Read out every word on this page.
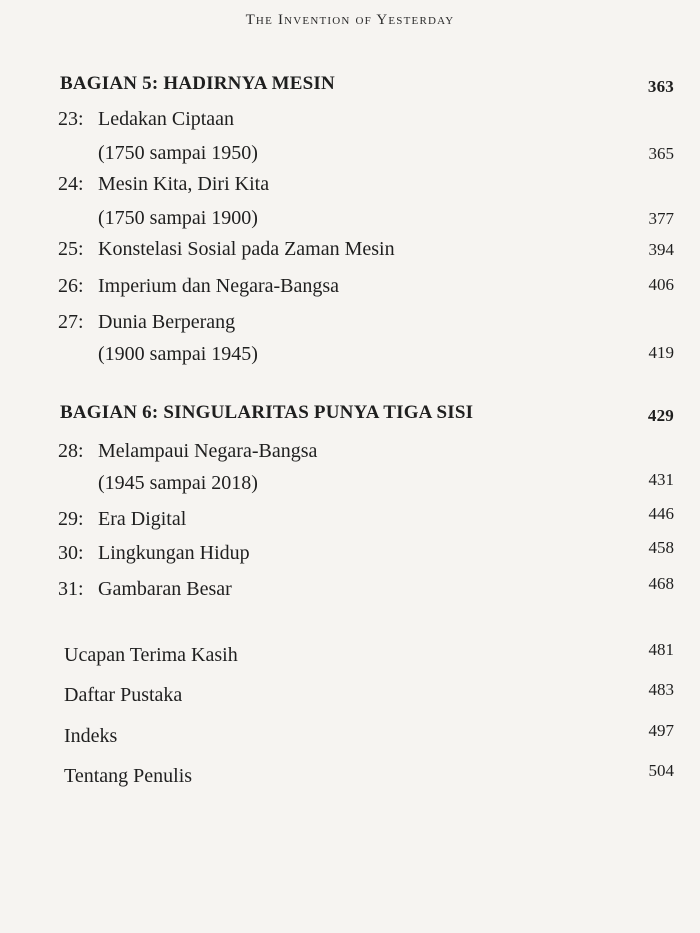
The Invention of Yesterday
BAGIAN 5: HADIRNYA MESIN	363
23: Ledakan Ciptaan
(1750 sampai 1950)	365
24: Mesin Kita, Diri Kita
(1750 sampai 1900)	377
25: Konstelasi Sosial pada Zaman Mesin	394
26: Imperium dan Negara-Bangsa	406
27: Dunia Berperang
(1900 sampai 1945)	419
BAGIAN 6: SINGULARITAS PUNYA TIGA SISI	429
28: Melampaui Negara-Bangsa
(1945 sampai 2018)	431
29: Era Digital	446
30: Lingkungan Hidup	458
31: Gambaran Besar	468
Ucapan Terima Kasih	481
Daftar Pustaka	483
Indeks	497
Tentang Penulis	504
